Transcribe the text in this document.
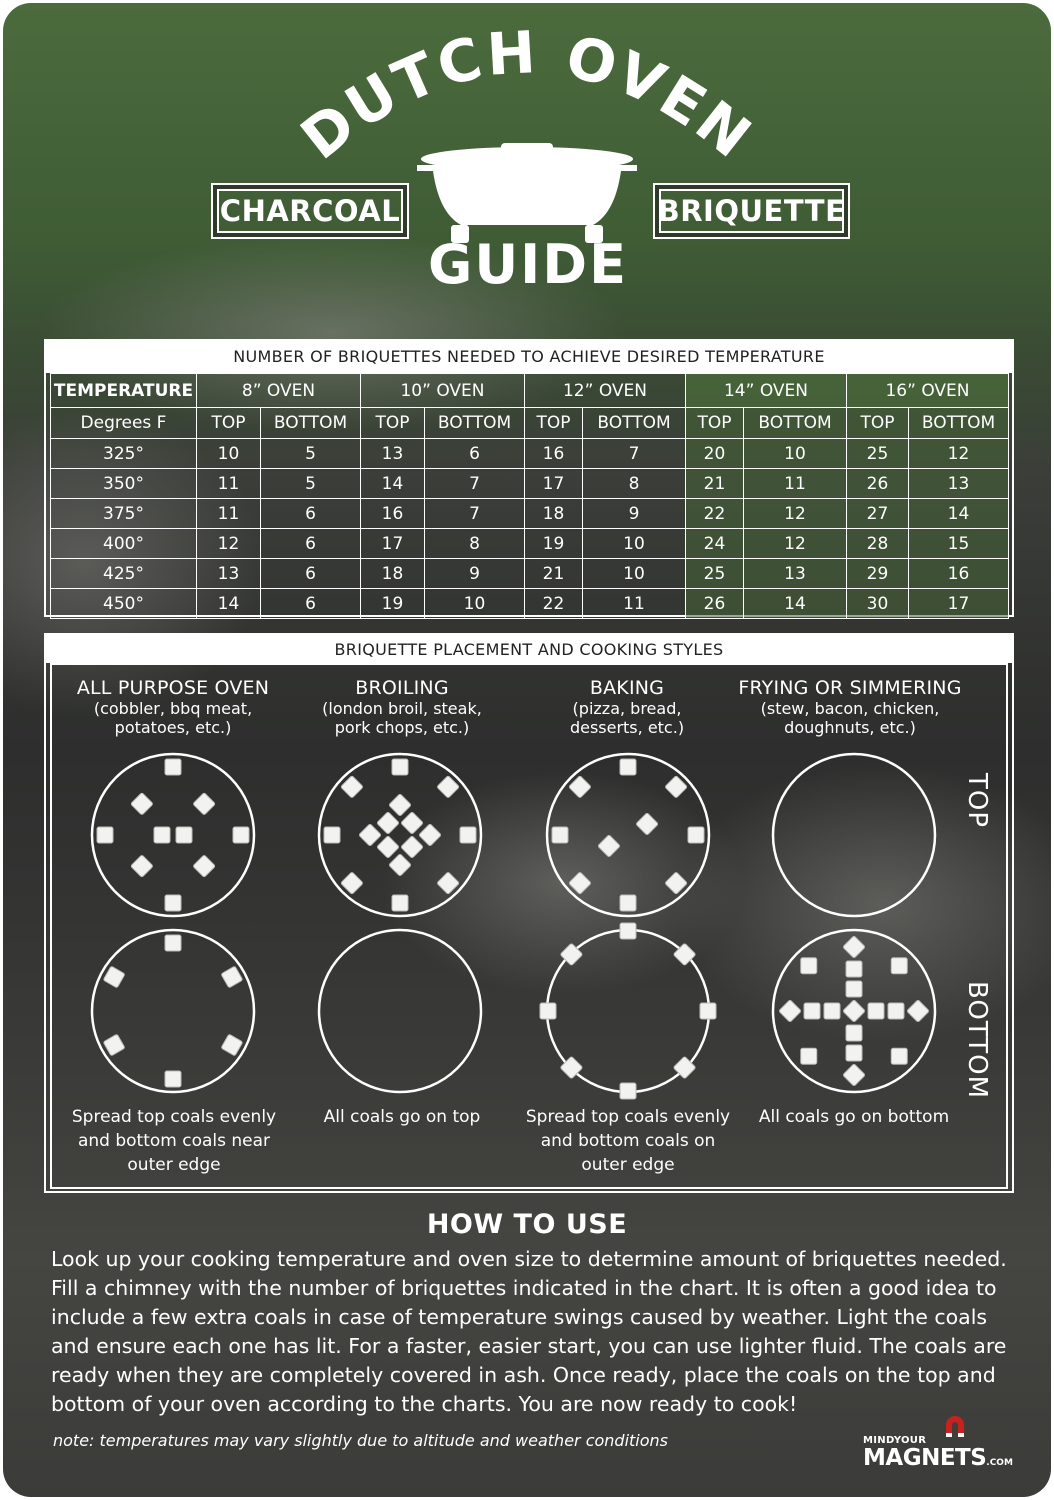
DUTCH OVEN
CHARCOAL	BRIQUETTE
GUIDE
NUMBER OF BRIQUETTES NEEDED TO ACHIEVE DESIRED TEMPERATURE
TEMPERATURE	8” OVEN		10” OVEN		12” OVEN		14” OVEN		16” OVEN	
Degrees F	TOP	BOTTOM	TOP	BOTTOM	TOP	BOTTOM	TOP	BOTTOM	TOP	BOTTOM
325°	10	5	13	6	16	7	20	10	25	12
350°	11	5	14	7	17	8	21	11	26	13
375°	11	6	16	7	18	9	22	12	27	14
400°	12	6	17	8	19	10	24	12	28	15
425°	13	6	18	9	21	10	25	13	29	16
450°	14	6	19	10	22	11	26	14	30	17
BRIQUETTE PLACEMENT AND COOKING STYLES
ALL PURPOSE OVEN
(cobbler, bbq meat,
potatoes, etc.)
BROILING
(london broil, steak,
pork chops, etc.)
BAKING
(pizza, bread,
desserts, etc.)
FRYING OR SIMMERING
(stew, bacon, chicken,
doughnuts, etc.)
TOP
BOTTOM
Spread top coals evenly
and bottom coals near
outer edge
All coals go on top	Spread top coals evenly
and bottom coals on
outer edge
All coals go on bottom
HOW TO USE
Look up your cooking temperature and oven size to determine amount of briquettes needed.
Fill a chimney with the number of briquettes indicated in the chart. It is often a good idea to
include a few extra coals in case of temperature swings caused by weather. Light the coals
and ensure each one has lit. For a faster, easier start, you can use lighter fluid. The coals are
ready when they are completely covered in ash. Once ready, place the coals on the top and
bottom of your oven according to the charts. You are now ready to cook!
note: temperatures may vary slightly due to altitude and weather conditions	MINDYOUR
MAGNETS.COM
